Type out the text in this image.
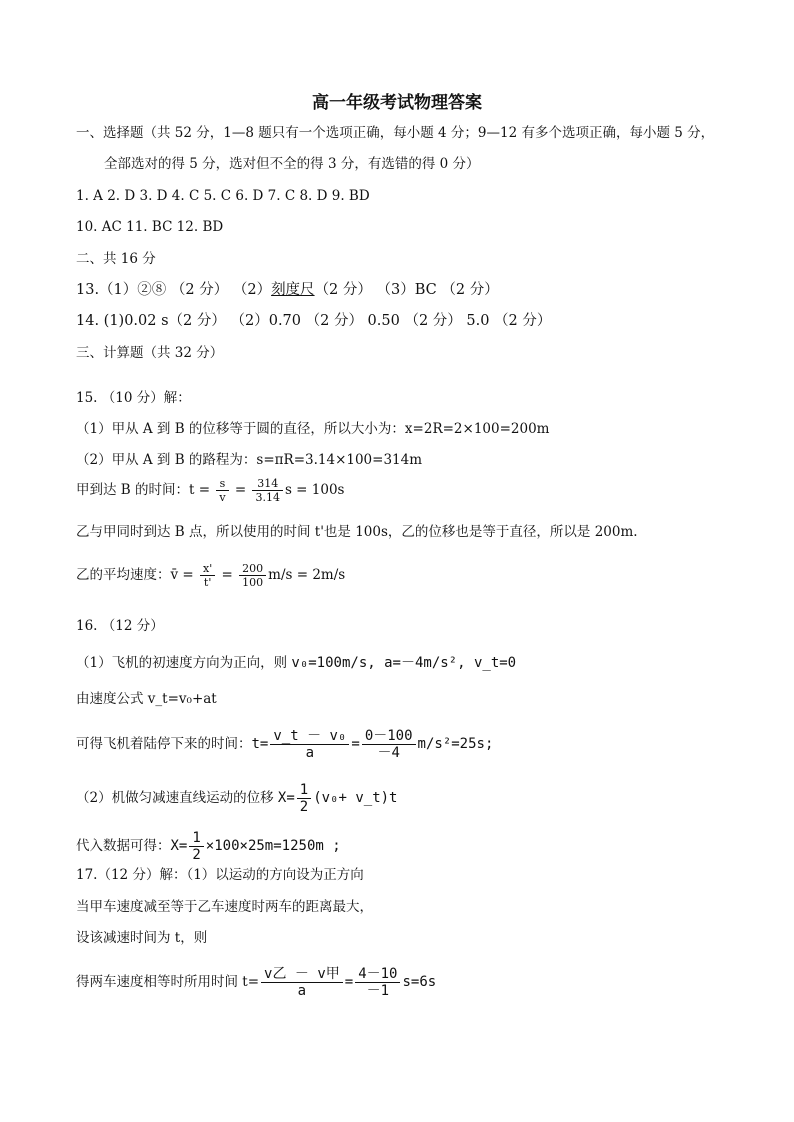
高一年级考试物理答案
一、选择题（共 52 分，1—8 题只有一个选项正确，每小题 4 分；9—12 有多个选项正确，每小题 5 分，
全部选对的得 5 分，选对但不全的得 3 分，有选错的得 0 分）
1. A 2. D 3. D 4. C 5. C 6. D 7. C 8. D 9. BD
10. AC 11. BC 12. BD
二、共 16 分
13.（1）②⑧ （2 分） （2）刻度尺（2 分） （3）BC （2 分）
14. (1)0.02 s（2 分） （2）0.70 （2 分） 0.50 （2 分） 5.0 （2 分）
三、计算题（共 32 分）
15. （10 分）解：
（1）甲从 A 到 B 的位移等于圆的直径，所以大小为：x=2R=2×100=200m
（2）甲从 A 到 B 的路程为：s=πR=3.14×100=314m
甲到达 B 的时间：$t = \frac{s}{v} = \frac{314}{3.14}$ s = 100s
乙与甲同时到达 B 点，所以使用的时间 t'也是 100s，乙的位移也是等于直径，所以是 200m.
乙的平均速度：v̄ = $\frac{x'}{t'} = \frac{200}{100} m/s = 2m/s$
16. （12 分）
（1）飞机的初速度方向为正向，则 v₀=100m/s, a=－4m/s², v_t=0
由速度公式 v_t=v₀+at
可得飞机着陆停下来的时间：$t= \frac{\text{v\_t － v₀}}{a} = \frac{0-100}{-4} m/s^2=25s$;
（2）机做匀减速直线运动的位移 $X= \frac{1}{2} (v_0+$ v_t)t
代入数据可得：$X= \frac{1}{2} \times 100\times 25m=1250m$ ;
17.（12 分）解：（1）以运动的方向设为正方向
当甲车速度减至等于乙车速度时两车的距离最大，
设该减速时间为 t，则
得两车速度相等时所用时间 $t= \frac{\text{v乙 － v甲}}{a} = \frac{4-10}{-1} s=6s$
